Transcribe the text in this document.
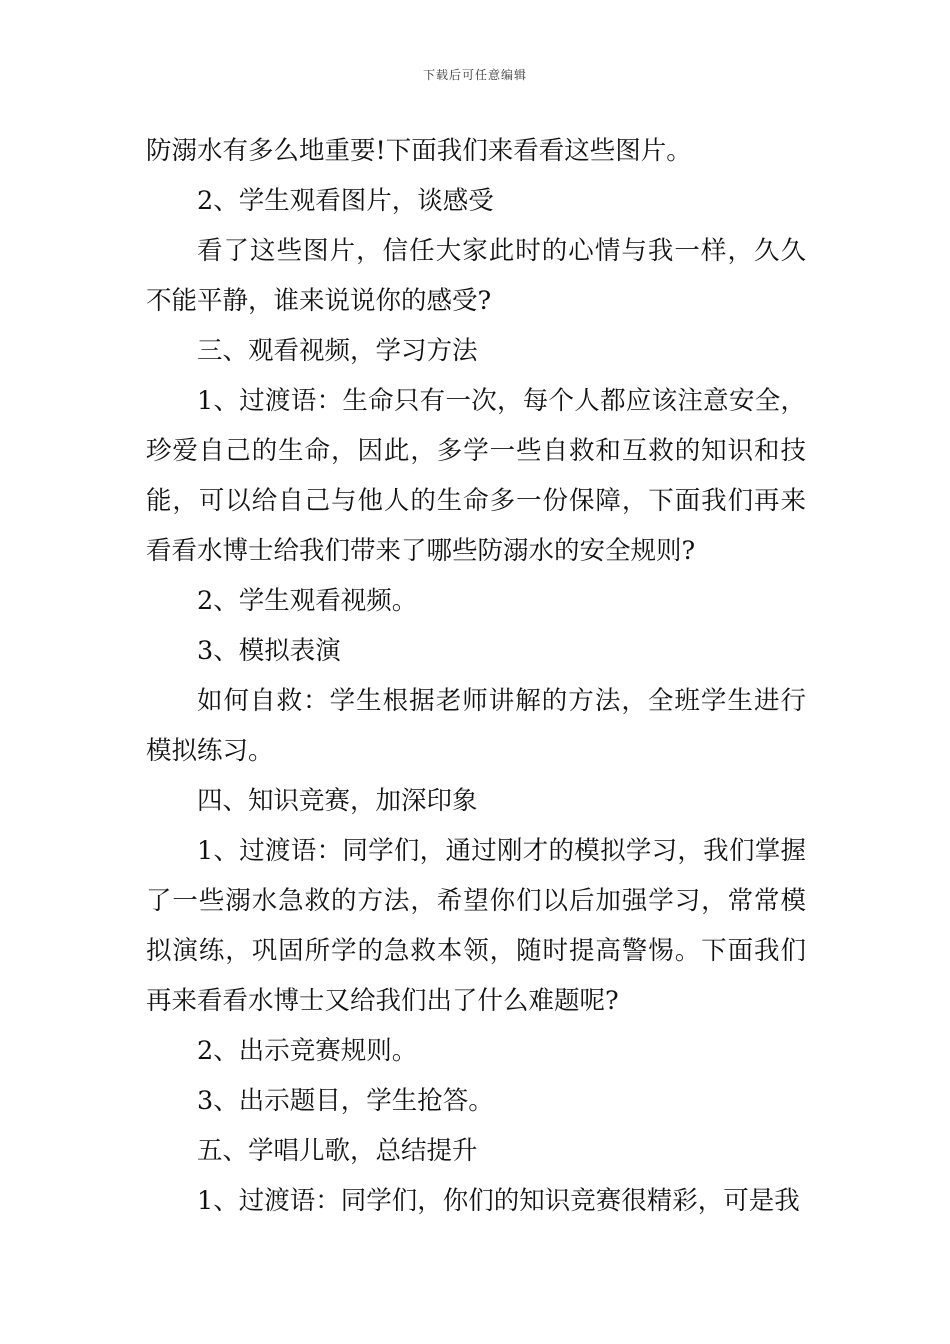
下载后可任意编辑

防溺水有多么地重要!下面我们来看看这些图片。

2、学生观看图片，谈感受

看了这些图片，信任大家此时的心情与我一样，久久不能平静，谁来说说你的感受?

三、观看视频，学习方法

1、过渡语：生命只有一次，每个人都应该注意安全，珍爱自己的生命，因此，多学一些自救和互救的知识和技能，可以给自己与他人的生命多一份保障，下面我们再来看看水博士给我们带来了哪些防溺水的安全规则?

2、学生观看视频。

3、模拟表演

如何自救：学生根据老师讲解的方法，全班学生进行模拟练习。

四、知识竞赛，加深印象

1、过渡语：同学们，通过刚才的模拟学习，我们掌握了一些溺水急救的方法，希望你们以后加强学习，常常模拟演练，巩固所学的急救本领，随时提高警惕。下面我们再来看看水博士又给我们出了什么难题呢?

2、出示竞赛规则。

3、出示题目，学生抢答。

五、学唱儿歌，总结提升

1、过渡语：同学们，你们的知识竞赛很精彩，可是我
